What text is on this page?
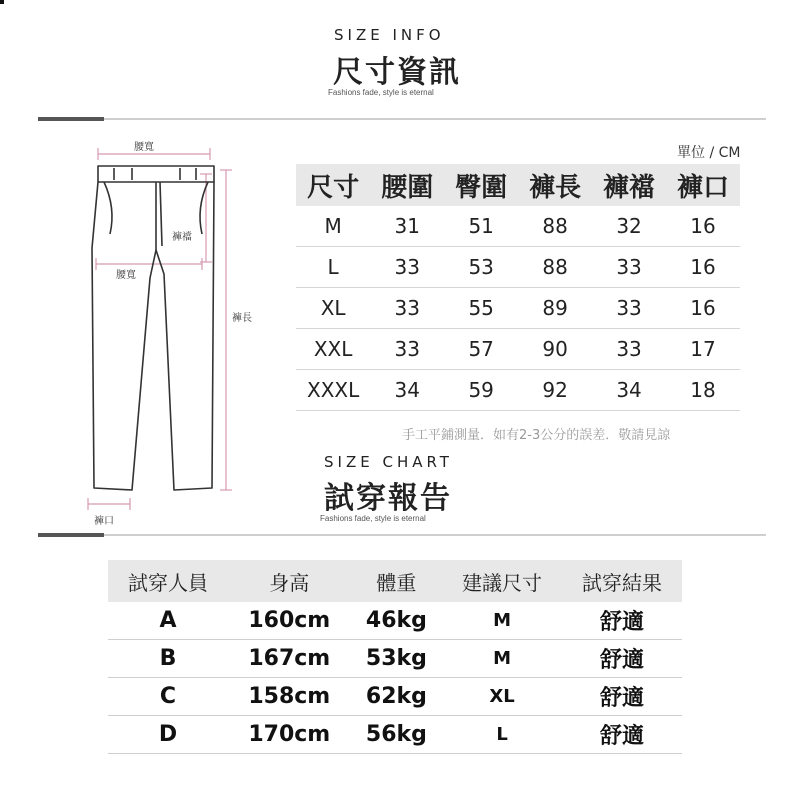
SIZE INFO
尺寸資訊
Fashions fade, style is eternal
腰寬
褲襠
腰寬
褲長
褲口
單位 / CM
尺寸	腰圍	臀圍	褲長	褲襠	褲口
M	31	51	88	32	16
L	33	53	88	33	16
XL	33	55	89	33	16
XXL	33	57	90	33	17
XXXL	34	59	92	34	18
手工平鋪測量．如有2-3公分的誤差．敬請見諒
SIZE CHART
試穿報告
Fashions fade, style is eternal
試穿人員	身高	體重	建議尺寸	試穿結果
A	160cm	46kg	M	舒適
B	167cm	53kg	M	舒適
C	158cm	62kg	XL	舒適
D	170cm	56kg	L	舒適
